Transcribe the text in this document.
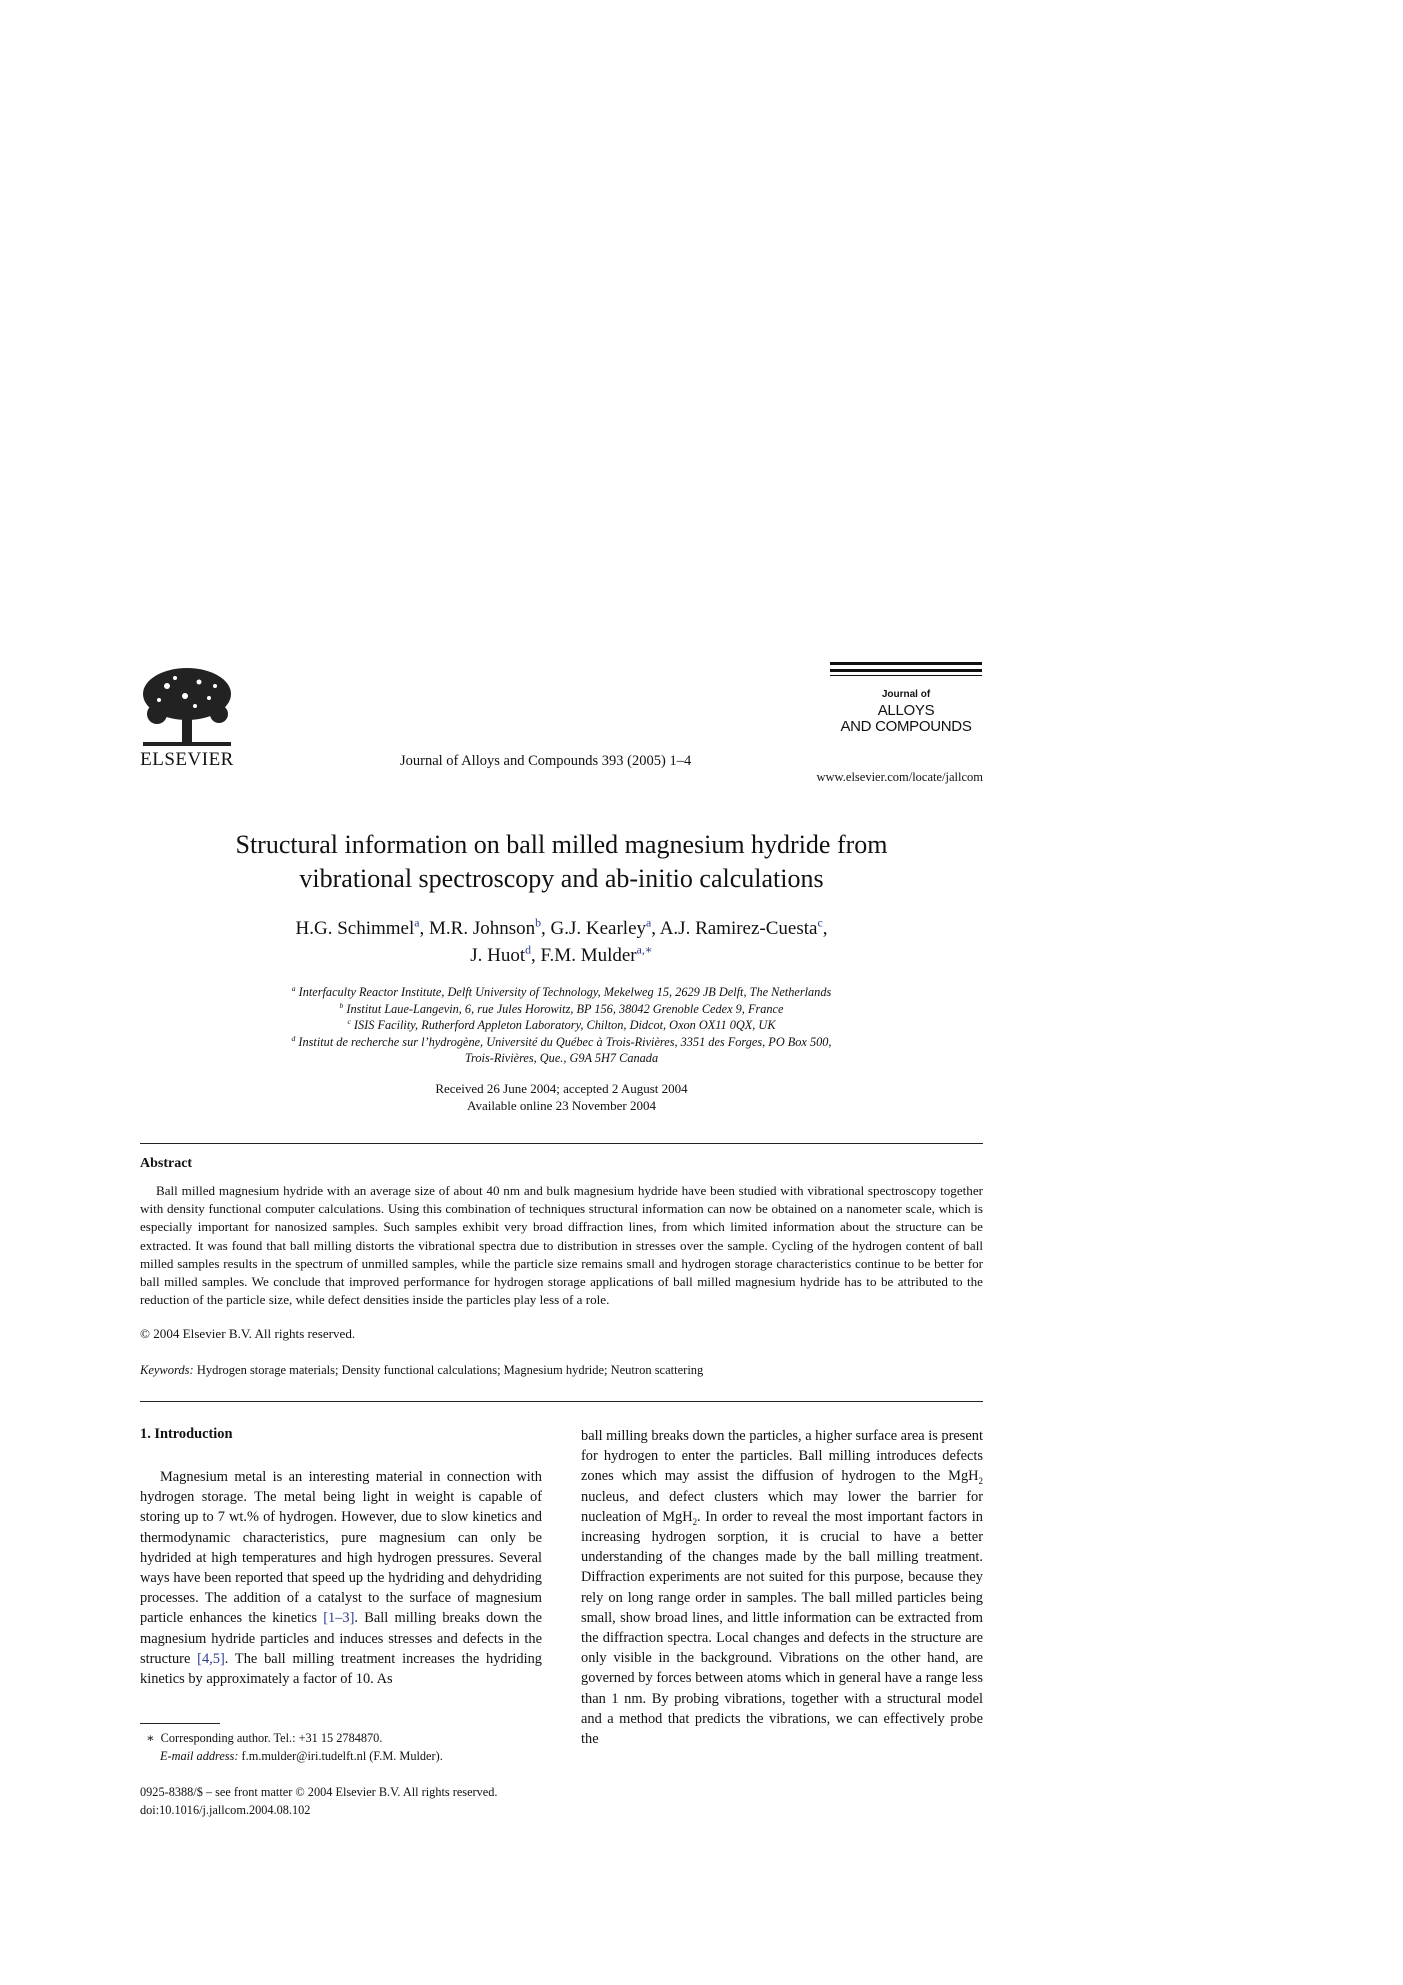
ELSEVIER	Journal of Alloys and Compounds 393 (2005) 1–4
Journal of
ALLOYS
AND COMPOUNDS
www.elsevier.com/locate/jallcom
Structural information on ball milled magnesium hydride from
vibrational spectroscopy and ab-initio calculations
H.G. Schimmel$^a$, M.R. Johnson$^b$, G.J. Kearley$^a$, A.J. Ramirez-Cuesta$^c$,
J. Huot$^d$, F.M. Mulder$^{a,∗}$
$^a$ Interfaculty Reactor Institute, Delft University of Technology, Mekelweg 15, 2629 JB Delft, The Netherlands
$^b$ Institut Laue-Langevin, 6, rue Jules Horowitz, BP 156, 38042 Grenoble Cedex 9, France
$^c$ ISIS Facility, Rutherford Appleton Laboratory, Chilton, Didcot, Oxon OX11 0QX, UK
$^d$ Institut de recherche sur l’hydrogène, Université du Québec à Trois-Rivières, 3351 des Forges, PO Box 500,
Trois-Rivières, Que., G9A 5H7 Canada
Received 26 June 2004; accepted 2 August 2004
Available online 23 November 2004
Abstract
Ball milled magnesium hydride with an average size of about 40 nm and bulk magnesium hydride have been studied with vibrational spectroscopy together with density functional computer calculations. Using this combination of techniques structural information can now be obtained on a nanometer scale, which is especially important for nanosized samples. Such samples exhibit very broad diffraction lines, from which limited information about the structure can be extracted. It was found that ball milling distorts the vibrational spectra due to distribution in stresses over the sample. Cycling of the hydrogen content of ball milled samples results in the spectrum of unmilled samples, while the particle size remains small and hydrogen storage characteristics continue to be better for ball milled samples. We conclude that improved performance for hydrogen storage applications of ball milled magnesium hydride has to be attributed to the reduction of the particle size, while defect densities inside the particles play less of a role.
© 2004 Elsevier B.V. All rights reserved.
Keywords: Hydrogen storage materials; Density functional calculations; Magnesium hydride; Neutron scattering
1. Introduction

Magnesium metal is an interesting material in connection with hydrogen storage. The metal being light in weight is capable of storing up to 7 wt.% of hydrogen. However, due to slow kinetics and thermodynamic characteristics, pure magnesium can only be hydrided at high temperatures and high hydrogen pressures. Several ways have been reported that speed up the hydriding and dehydriding processes. The addition of a catalyst to the surface of magnesium particle enhances the kinetics [1–3]. Ball milling breaks down the magnesium hydride particles and induces stresses and defects in the structure [4,5]. The ball milling treatment increases the hydriding kinetics by approximately a factor of 10. As

ball milling breaks down the particles, a higher surface area is present for hydrogen to enter the particles. Ball milling introduces defects zones which may assist the diffusion of hydrogen to the MgH$_2$ nucleus, and defect clusters which may lower the barrier for nucleation of MgH$_2$. In order to reveal the most important factors in increasing hydrogen sorption, it is crucial to have a better understanding of the changes made by the ball milling treatment. Diffraction experiments are not suited for this purpose, because they rely on long range order in samples. The ball milled particles being small, show broad lines, and little information can be extracted from the diffraction spectra. Local changes and defects in the structure are only visible in the background. Vibrations on the other hand, are governed by forces between atoms which in general have a range less than 1 nm. By probing vibrations, together with a structural model and a method that predicts the vibrations, we can effectively probe the

∗ Corresponding author. Tel.: +31 15 2784870.
E-mail address: f.m.mulder@iri.tudelft.nl (F.M. Mulder).
0925-8388/$ – see front matter © 2004 Elsevier B.V. All rights reserved.
doi:10.1016/j.jallcom.2004.08.102
